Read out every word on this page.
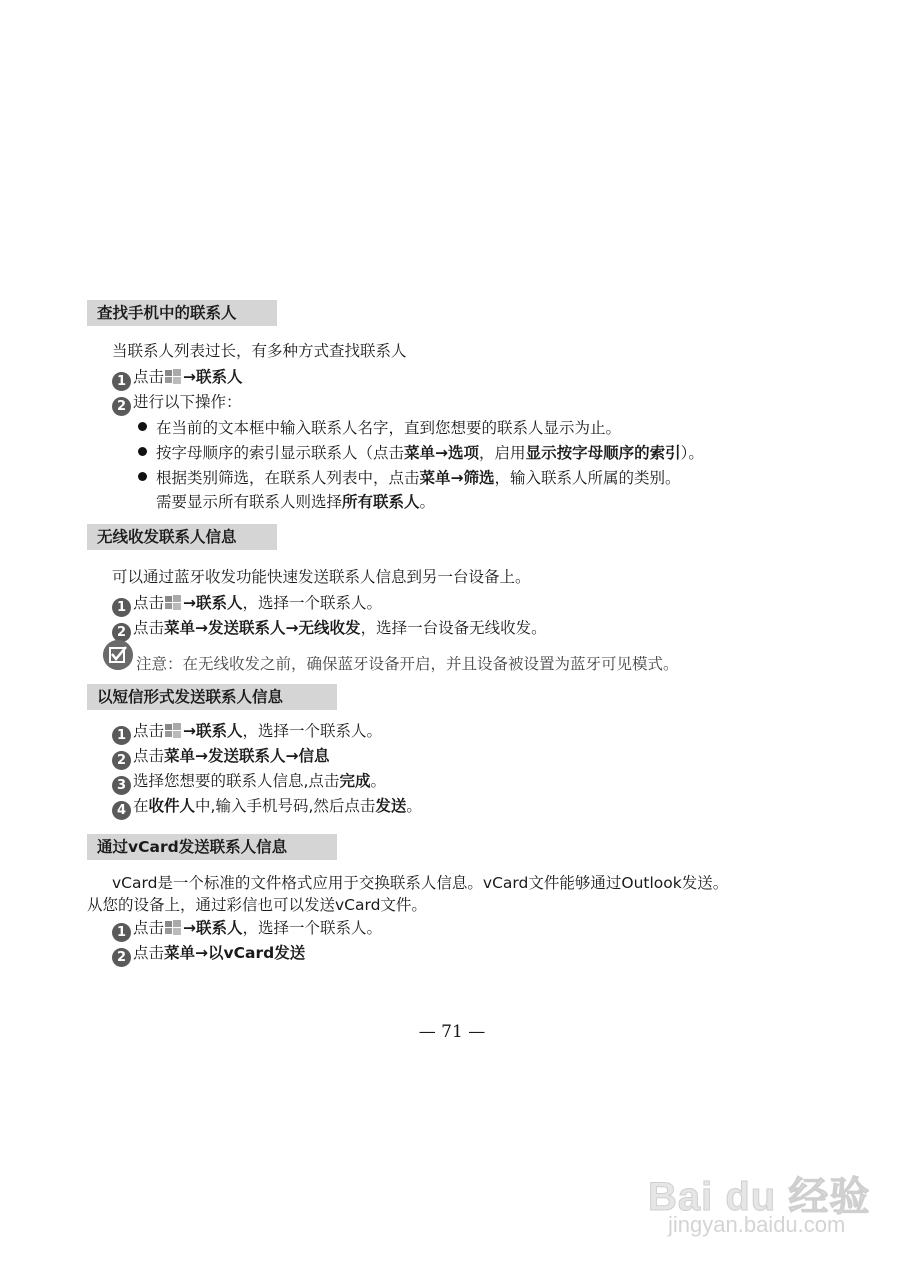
查找手机中的联系人
当联系人列表过长，有多种方式查找联系人
1 点击 →联系人
2 进行以下操作：
在当前的文本框中输入联系人名字，直到您想要的联系人显示为止。
按字母顺序的索引显示联系人（点击菜单→选项，启用显示按字母顺序的索引）。
根据类别筛选，在联系人列表中，点击菜单→筛选，输入联系人所属的类别。
需要显示所有联系人则选择所有联系人。
无线收发联系人信息
可以通过蓝牙收发功能快速发送联系人信息到另一台设备上。
1 点击 →联系人，选择一个联系人。
2 点击菜单→发送联系人→无线收发，选择一台设备无线收发。
注意：在无线收发之前，确保蓝牙设备开启，并且设备被设置为蓝牙可见模式。
以短信形式发送联系人信息
1 点击 →联系人，选择一个联系人。
2 点击菜单→发送联系人→信息
3 选择您想要的联系人信息,点击完成。
4 在收件人中,输入手机号码,然后点击发送。
通过vCard发送联系人信息
vCard是一个标准的文件格式应用于交换联系人信息。vCard文件能够通过Outlook发送。
从您的设备上，通过彩信也可以发送vCard文件。
1 点击 →联系人，选择一个联系人。
2 点击菜单→以vCard发送
— 71 —
Bai du 经验
jingyan.baidu.com
